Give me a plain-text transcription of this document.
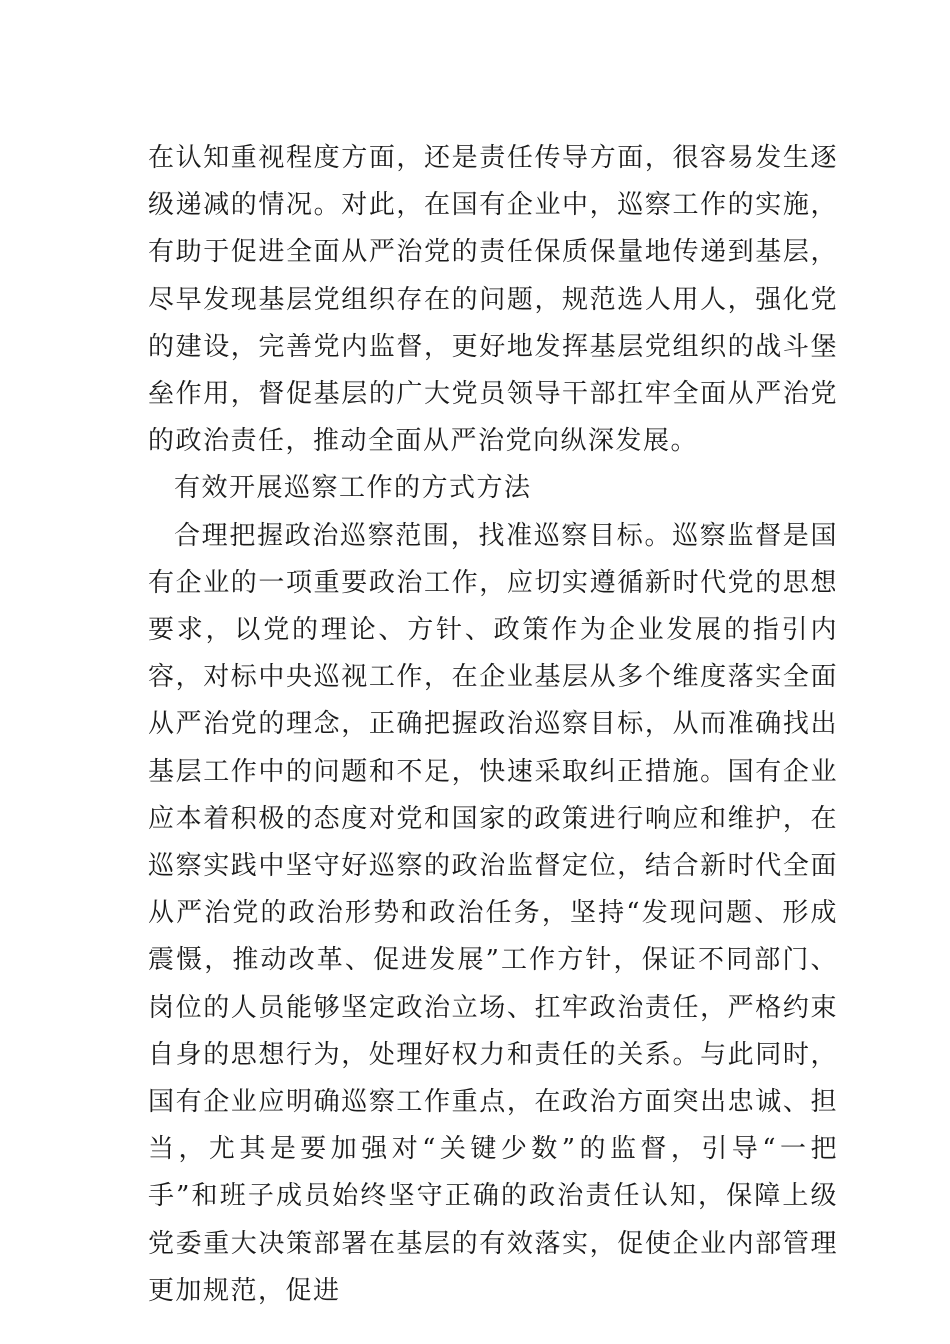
在认知重视程度方面，还是责任传导方面，很容易发生逐级递减的情况。对此，在国有企业中，巡察工作的实施，有助于促进全面从严治党的责任保质保量地传递到基层，尽早发现基层党组织存在的问题，规范选人用人，强化党的建设，完善党内监督，更好地发挥基层党组织的战斗堡垒作用，督促基层的广大党员领导干部扛牢全面从严治党的政治责任，推动全面从严治党向纵深发展。

有效开展巡察工作的方式方法

合理把握政治巡察范围，找准巡察目标。巡察监督是国有企业的一项重要政治工作，应切实遵循新时代党的思想要求，以党的理论、方针、政策作为企业发展的指引内容，对标中央巡视工作，在企业基层从多个维度落实全面从严治党的理念，正确把握政治巡察目标，从而准确找出基层工作中的问题和不足，快速采取纠正措施。国有企业应本着积极的态度对党和国家的政策进行响应和维护，在巡察实践中坚守好巡察的政治监督定位，结合新时代全面从严治党的政治形势和政治任务，坚持“发现问题、形成震慑，推动改革、促进发展”工作方针，保证不同部门、岗位的人员能够坚定政治立场、扛牢政治责任，严格约束自身的思想行为，处理好权力和责任的关系。与此同时，国有企业应明确巡察工作重点，在政治方面突出忠诚、担当，尤其是要加强对“关键少数”的监督，引导“一把手”和班子成员始终坚守正确的政治责任认知，保障上级党委重大决策部署在基层的有效落实，促使企业内部管理更加规范，促进
